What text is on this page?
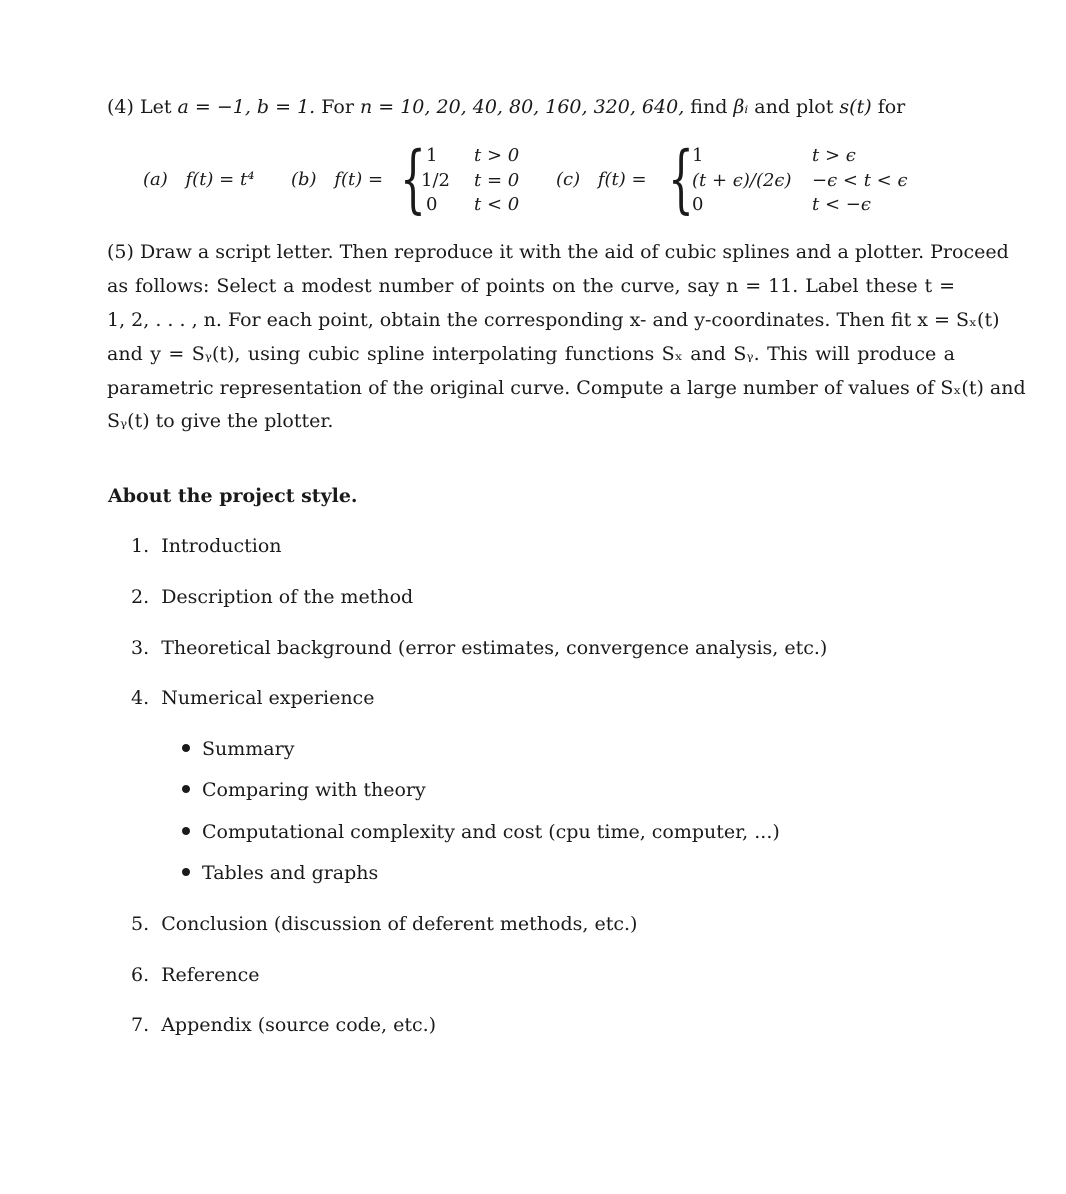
(4) Let a = −1, b = 1. For n = 10, 20, 40, 80, 160, 320, 640, find βᵢ and plot s(t) for
(a) f(t) = t⁴ (b) f(t) = { 1 t > 0
1/2 t = 0
0 t < 0
(c) f(t) = {
1	t > ϵ
(t + ϵ)/(2ϵ) −ϵ < t < ϵ
0	t < −ϵ
(5) Draw a script letter. Then reproduce it with the aid of cubic splines and a plotter. Proceed
as follows: Select a modest number of points on the curve, say n = 11. Label these t =
1, 2, . . . , n. For each point, obtain the corresponding x- and y-coordinates. Then fit x = Sₓ(t)
and y = Sᵧ(t), using cubic spline interpolating functions Sₓ and Sᵧ. This will produce a
parametric representation of the original curve. Compute a large number of values of Sₓ(t) and
Sᵧ(t) to give the plotter.
About the project style.
1. Introduction
2. Description of the method
3. Theoretical background (error estimates, convergence analysis, etc.)
4. Numerical experience
Summary
Comparing with theory
Computational complexity and cost (cpu time, computer, ...)
Tables and graphs
5. Conclusion (discussion of deferent methods, etc.)
6. Reference
7. Appendix (source code, etc.)
